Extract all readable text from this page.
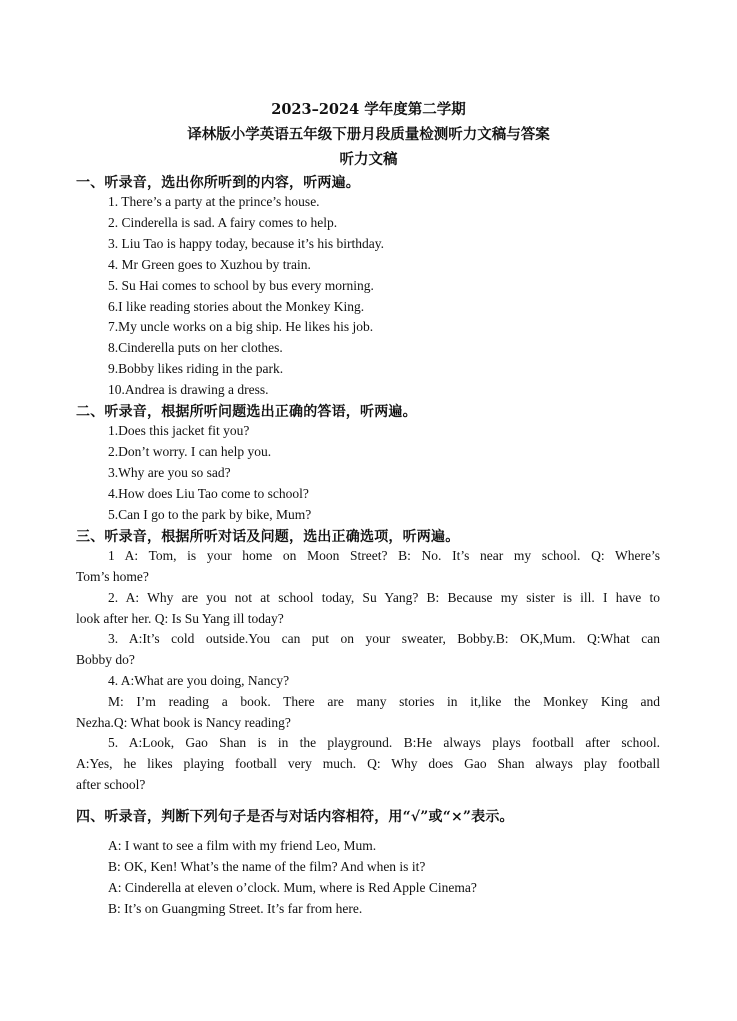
2023–2024 学年度第二学期
译林版小学英语五年级下册月段质量检测听力文稿与答案
听力文稿
一、听录音，选出你所听到的内容，听两遍。
1. There’s a party at the prince’s house.
2. Cinderella is sad. A fairy comes to help.
3. Liu Tao is happy today, because it’s his birthday.
4. Mr Green goes to Xuzhou by train.
5. Su Hai comes to school by bus every morning.
6.I like reading stories about the Monkey King.
7.My uncle works on a big ship. He likes his job.
8.Cinderella puts on her clothes.
9.Bobby likes riding in the park.
10.Andrea is drawing a dress.
二、听录音，根据所听问题选出正确的答语，听两遍。
1.Does this jacket fit you?
2.Don’t worry. I can help you.
3.Why are you so sad?
4.How does Liu Tao come to school?
5.Can I go to the park by bike, Mum?
三、听录音，根据所听对话及问题，选出正确选项，听两遍。
1 A: Tom, is your home on Moon Street? B: No. It’s near my school. Q: Where’s
Tom’s home?
2. A: Why are you not at school today, Su Yang? B: Because my sister is ill. I have to
look after her. Q: Is Su Yang ill today?
3. A:It’s cold outside.You can put on your sweater, Bobby.B: OK,Mum. Q:What can
Bobby do?
4. A:What are you doing, Nancy?
M: I’m reading a book. There are many stories in it,like the Monkey King and
Nezha.Q: What book is Nancy reading?
5. A:Look, Gao Shan is in the playground. B:He always plays football after school.
A:Yes, he likes playing football very much. Q: Why does Gao Shan always play football
after school?
四、听录音，判断下列句子是否与对话内容相符，用“√”或“×”表示。
A: I want to see a film with my friend Leo, Mum.
B: OK, Ken! What’s the name of the film? And when is it?
A: Cinderella at eleven o’clock. Mum, where is Red Apple Cinema?
B: It’s on Guangming Street. It’s far from here.
